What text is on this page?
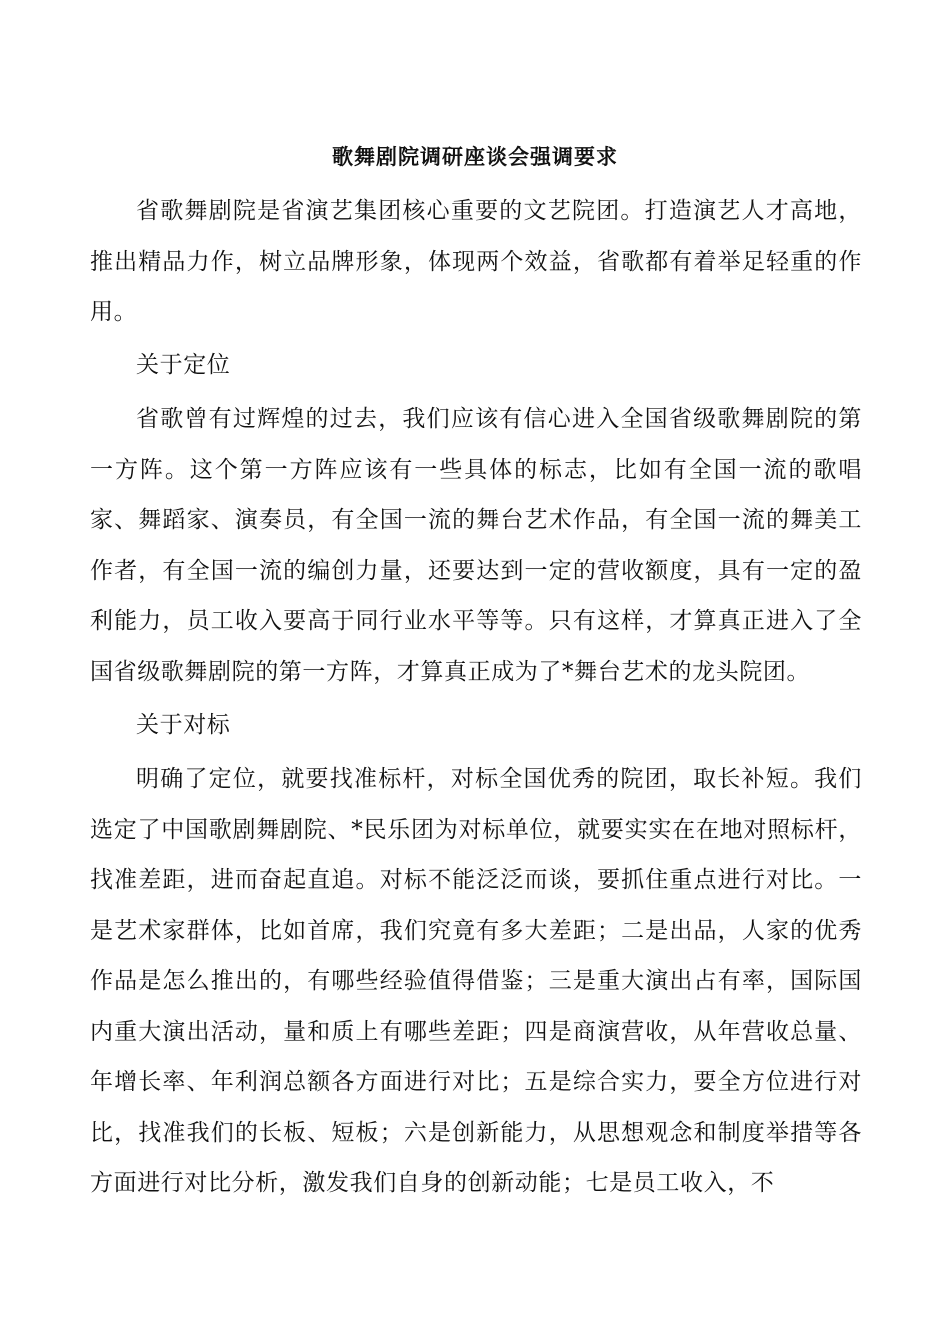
歌舞剧院调研座谈会强调要求

省歌舞剧院是省演艺集团核心重要的文艺院团。打造演艺人才高地，推出精品力作，树立品牌形象，体现两个效益，省歌都有着举足轻重的作用。

关于定位

省歌曾有过辉煌的过去，我们应该有信心进入全国省级歌舞剧院的第一方阵。这个第一方阵应该有一些具体的标志，比如有全国一流的歌唱家、舞蹈家、演奏员，有全国一流的舞台艺术作品，有全国一流的舞美工作者，有全国一流的编创力量，还要达到一定的营收额度，具有一定的盈利能力，员工收入要高于同行业水平等等。只有这样，才算真正进入了全国省级歌舞剧院的第一方阵，才算真正成为了*舞台艺术的龙头院团。

关于对标

明确了定位，就要找准标杆，对标全国优秀的院团，取长补短。我们选定了中国歌剧舞剧院、*民乐团为对标单位，就要实实在在地对照标杆，找准差距，进而奋起直追。对标不能泛泛而谈，要抓住重点进行对比。一是艺术家群体，比如首席，我们究竟有多大差距；二是出品，人家的优秀作品是怎么推出的，有哪些经验值得借鉴；三是重大演出占有率，国际国内重大演出活动，量和质上有哪些差距；四是商演营收，从年营收总量、年增长率、年利润总额各方面进行对比；五是综合实力，要全方位进行对比，找准我们的长板、短板；六是创新能力，从思想观念和制度举措等各方面进行对比分析，激发我们自身的创新动能；七是员工收入，不
